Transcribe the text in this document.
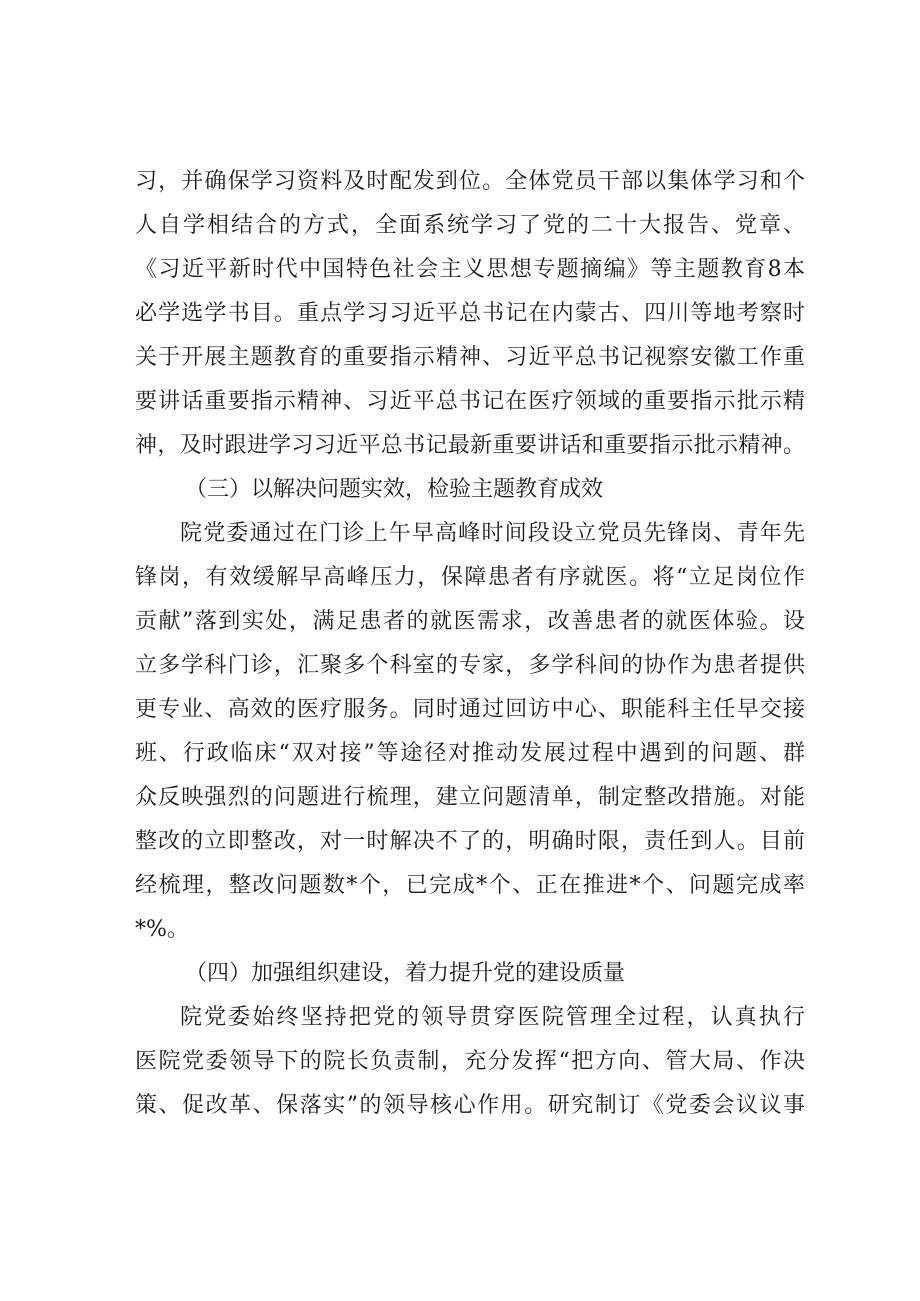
习，并确保学习资料及时配发到位。全体党员干部以集体学习和个
人自学相结合的方式，全面系统学习了党的二十大报告、党章、
《习近平新时代中国特色社会主义思想专题摘编》等主题教育8本
必学选学书目。重点学习习近平总书记在内蒙古、四川等地考察时
关于开展主题教育的重要指示精神、习近平总书记视察安徽工作重
要讲话重要指示精神、习近平总书记在医疗领域的重要指示批示精
神，及时跟进学习习近平总书记最新重要讲话和重要指示批示精神。
（三）以解决问题实效，检验主题教育成效
院党委通过在门诊上午早高峰时间段设立党员先锋岗、青年先
锋岗，有效缓解早高峰压力，保障患者有序就医。将“立足岗位作
贡献”落到实处，满足患者的就医需求，改善患者的就医体验。设
立多学科门诊，汇聚多个科室的专家，多学科间的协作为患者提供
更专业、高效的医疗服务。同时通过回访中心、职能科主任早交接
班、行政临床“双对接”等途径对推动发展过程中遇到的问题、群
众反映强烈的问题进行梳理，建立问题清单，制定整改措施。对能
整改的立即整改，对一时解决不了的，明确时限，责任到人。目前
经梳理，整改问题数*个，已完成*个、正在推进*个、问题完成率
*%。
（四）加强组织建设，着力提升党的建设质量
院党委始终坚持把党的领导贯穿医院管理全过程，认真执行
医院党委领导下的院长负责制，充分发挥“把方向、管大局、作决
策、促改革、保落实”的领导核心作用。研究制订《党委会议议事
